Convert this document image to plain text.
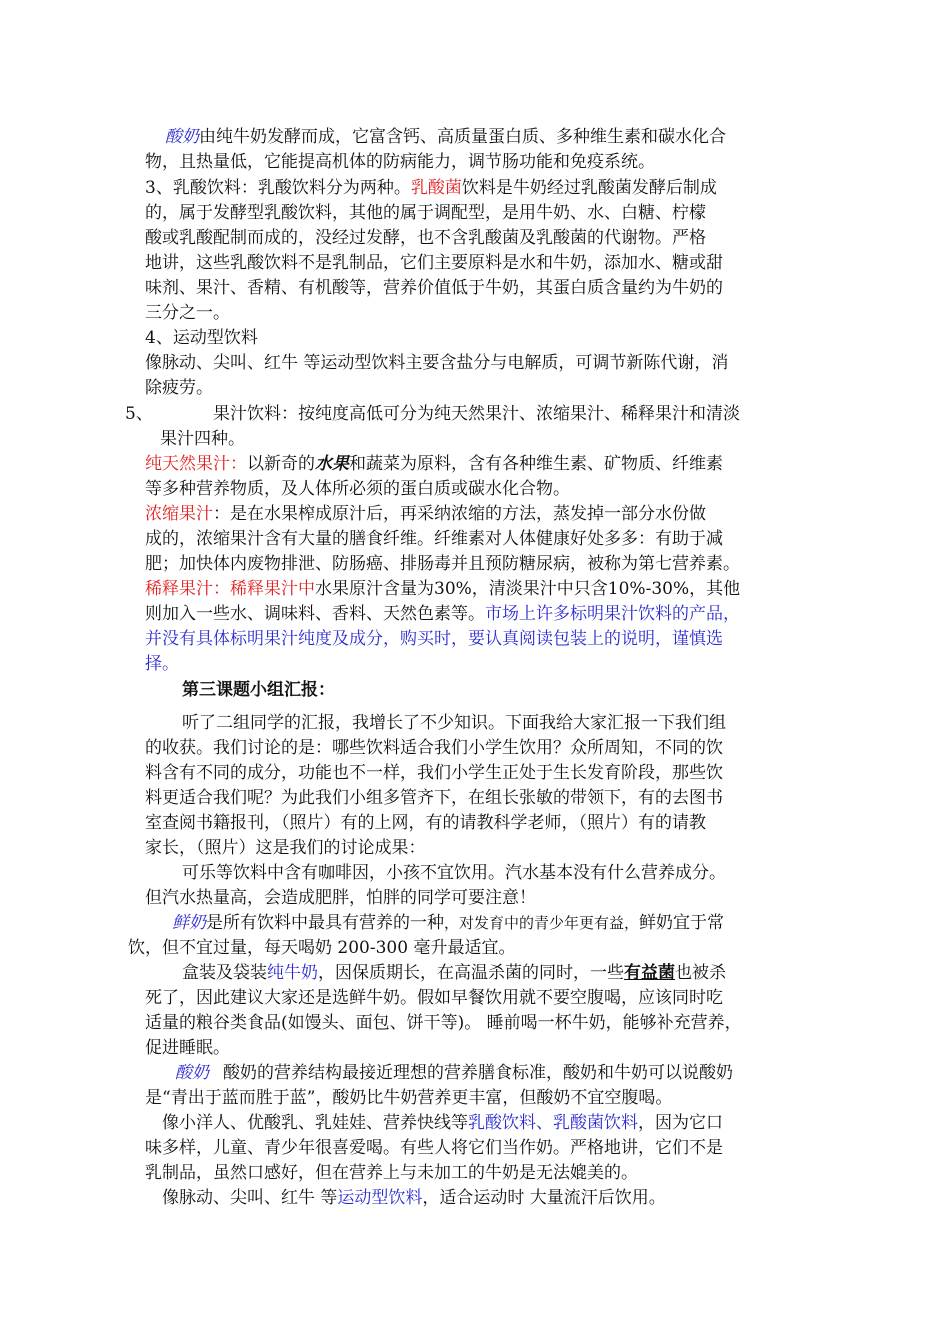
酸奶由纯牛奶发酵而成，它富含钙、高质量蛋白质、多种维生素和碳水化合
物，且热量低，它能提高机体的防病能力，调节肠功能和免疫系统。
3、乳酸饮料：乳酸饮料分为两种。乳酸菌饮料是牛奶经过乳酸菌发酵后制成
的，属于发酵型乳酸饮料，其他的属于调配型，是用牛奶、水、白糖、柠檬
酸或乳酸配制而成的，没经过发酵，也不含乳酸菌及乳酸菌的代谢物。严格
地讲，这些乳酸饮料不是乳制品，它们主要原料是水和牛奶，添加水、糖或甜
味剂、果汁、香精、有机酸等，营养价值低于牛奶，其蛋白质含量约为牛奶的
三分之一。
4、运动型饮料
像脉动、尖叫、红牛 等运动型饮料主要含盐分与电解质，可调节新陈代谢，消
除疲劳。
5、	果汁饮料：按纯度高低可分为纯天然果汁、浓缩果汁、稀释果汁和清淡
果汁四种。
纯天然果汁：以新奇的水果和蔬菜为原料，含有各种维生素、矿物质、纤维素
等多种营养物质，及人体所必须的蛋白质或碳水化合物。
浓缩果汁：是在水果榨成原汁后，再采纳浓缩的方法，蒸发掉一部分水份做
成的，浓缩果汁含有大量的膳食纤维。纤维素对人体健康好处多多：有助于减
肥；加快体内废物排泄、防肠癌、排肠毒并且预防糖尿病，被称为第七营养素。
稀释果汁：稀释果汁中水果原汁含量为30%，清淡果汁中只含10%-30%，其他
则加入一些水、调味料、香料、天然色素等。市场上许多标明果汁饮料的产品，
并没有具体标明果汁纯度及成分，购买时，要认真阅读包装上的说明，谨慎选
择。
第三课题小组汇报：
听了二组同学的汇报，我增长了不少知识。下面我给大家汇报一下我们组
的收获。我们讨论的是：哪些饮料适合我们小学生饮用？众所周知，不同的饮
料含有不同的成分，功能也不一样，我们小学生正处于生长发育阶段，那些饮
料更适合我们呢？为此我们小组多管齐下，在组长张敏的带领下，有的去图书
室查阅书籍报刊，（照片）有的上网，有的请教科学老师，（照片）有的请教
家长，（照片）这是我们的讨论成果：
可乐等饮料中含有咖啡因，小孩不宜饮用。汽水基本没有什么营养成分。
但汽水热量高，会造成肥胖，怕胖的同学可要注意！
鲜奶是所有饮料中最具有营养的一种，对发育中的青少年更有益，鲜奶宜于常
饮，但不宜过量，每天喝奶 200-300 毫升最适宜。
盒装及袋装纯牛奶，因保质期长，在高温杀菌的同时，一些有益菌也被杀
死了，因此建议大家还是选鲜牛奶。假如早餐饮用就不要空腹喝，应该同时吃
适量的粮谷类食品(如馒头、面包、饼干等)。 睡前喝一杯牛奶，能够补充营养，
促进睡眠。
酸奶 酸奶的营养结构最接近理想的营养膳食标准，酸奶和牛奶可以说酸奶
是“青出于蓝而胜于蓝”，酸奶比牛奶营养更丰富，但酸奶不宜空腹喝。
像小洋人、优酸乳、乳娃娃、营养快线等乳酸饮料、乳酸菌饮料，因为它口
味多样，儿童、青少年很喜爱喝。有些人将它们当作奶。严格地讲，它们不是
乳制品，虽然口感好，但在营养上与未加工的牛奶是无法媲美的。
像脉动、尖叫、红牛 等运动型饮料，适合运动时 大量流汗后饮用。
